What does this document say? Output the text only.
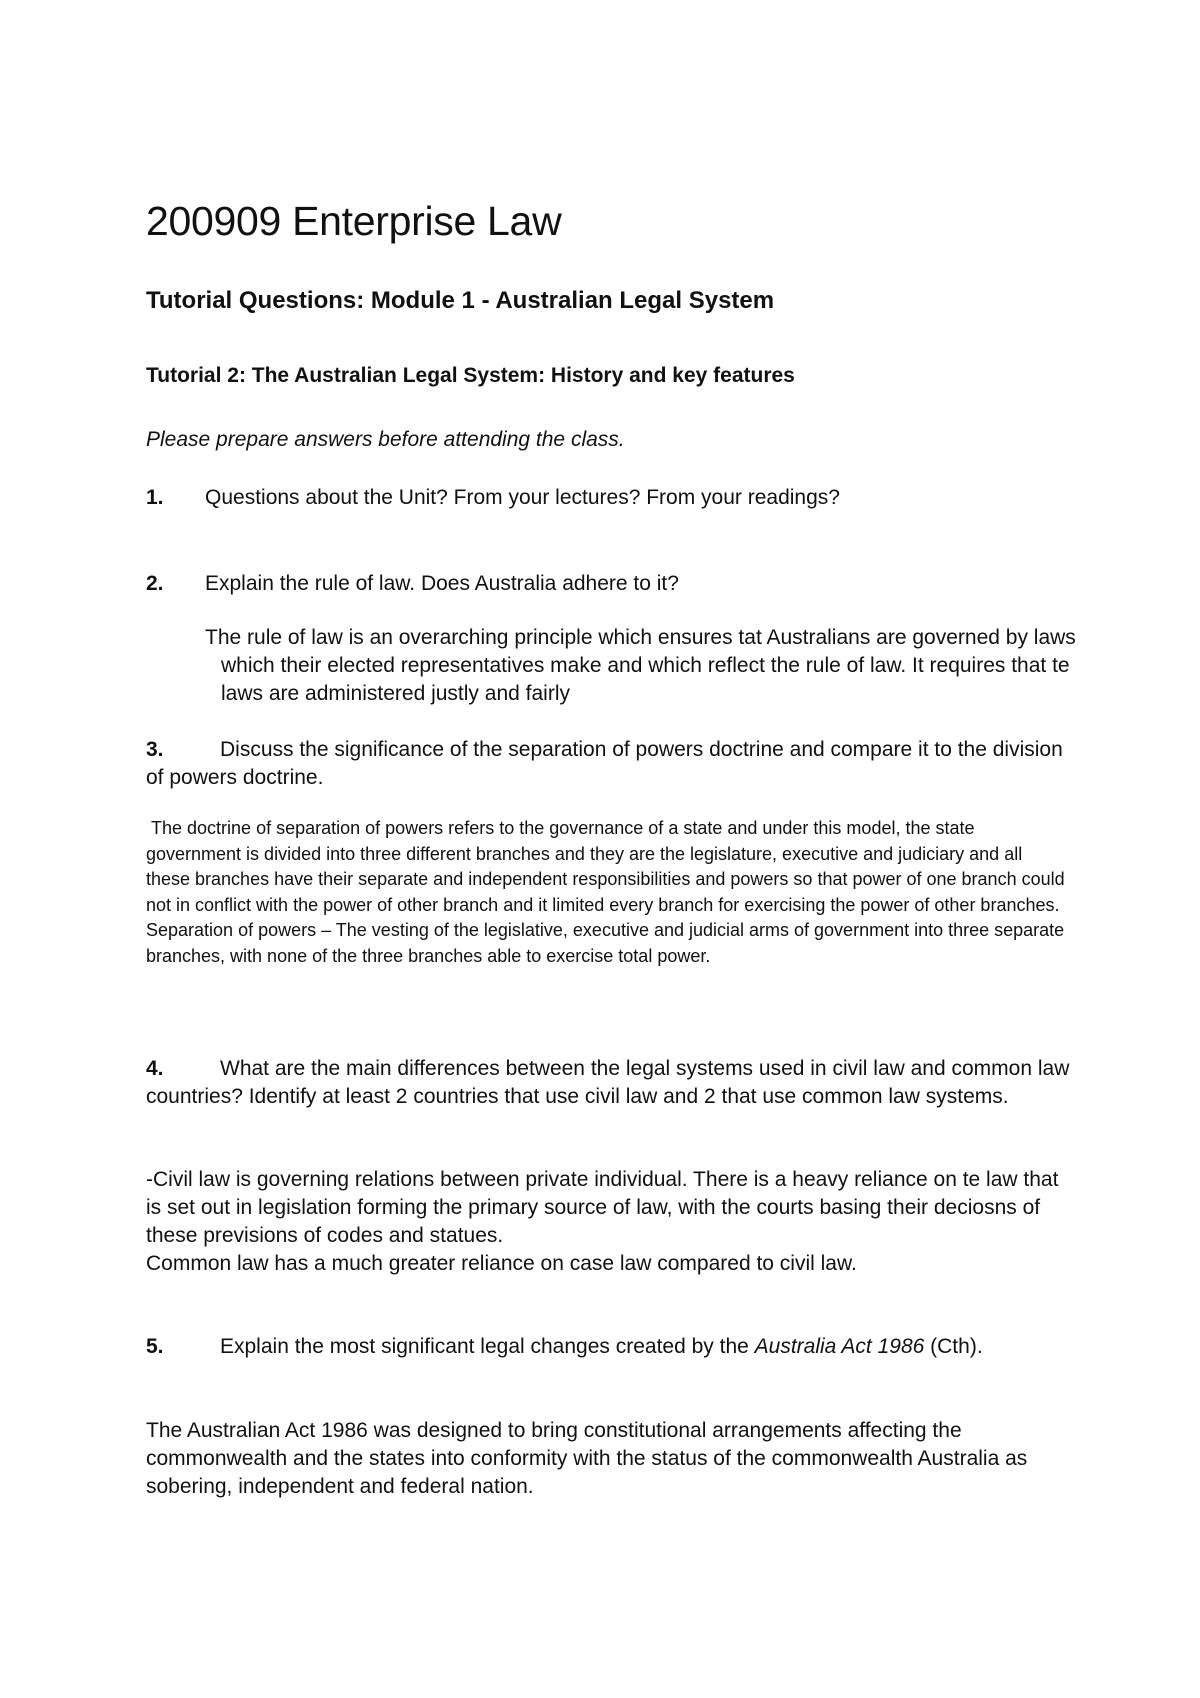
200909 Enterprise Law
Tutorial Questions: Module 1 - Australian Legal System
Tutorial 2: The Australian Legal System: History and key features

Please prepare answers before attending the class.

1. Questions about the Unit? From your lectures? From your readings?

2. Explain the rule of law. Does Australia adhere to it?

The rule of law is an overarching principle which ensures tat Australians are governed by laws which their elected representatives make and which reflect the rule of law. It requires that te laws are administered justly and fairly

3.	Discuss the significance of the separation of powers doctrine and compare it to the division of powers doctrine.

The doctrine of separation of powers refers to the governance of a state and under this model, the state government is divided into three different branches and they are the legislature, executive and judiciary and all these branches have their separate and independent responsibilities and powers so that power of one branch could not in conflict with the power of other branch and it limited every branch for exercising the power of other branches.

Separation of powers – The vesting of the legislative, executive and judicial arms of government into three separate branches, with none of the three branches able to exercise total power.

4.	What are the main differences between the legal systems used in civil law and common law countries? Identify at least 2 countries that use civil law and 2 that use common law systems.

-Civil law is governing relations between private individual. There is a heavy reliance on te law that is set out in legislation forming the primary source of law, with the courts basing their deciosns of these previsions of codes and statues.

Common law has a much greater reliance on case law compared to civil law.

5.	Explain the most significant legal changes created by the Australia Act 1986 (Cth).

The Australian Act 1986 was designed to bring constitutional arrangements affecting the commonwealth and the states into conformity with the status of the commonwealth Australia as sobering, independent and federal nation.
